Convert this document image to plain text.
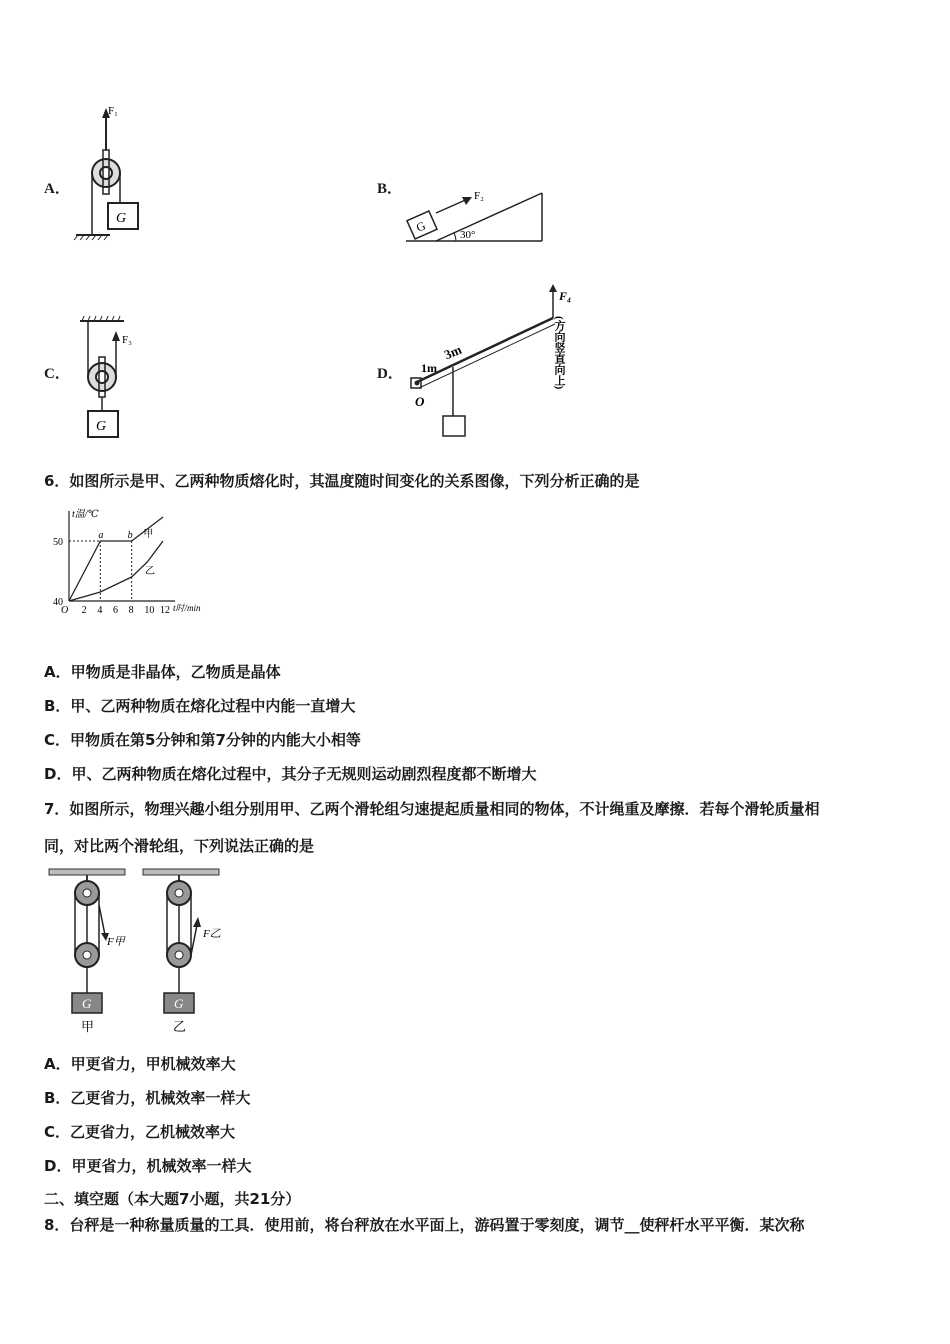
A．
F₁
G
B．
30°
G
F₂
C．
F₃
G
D．
O
3m
1m
F₄
(方向竖直向上)
6．如图所示是甲、乙两种物质熔化时，其温度随时间变化的关系图像，下列分析正确的是
t温/℃
t时/min
O 2 4 6 8 10 12
40
50
甲
a b
乙
A．甲物质是非晶体，乙物质是晶体
B．甲、乙两种物质在熔化过程中内能一直增大
C．甲物质在第5分钟和第7分钟的内能大小相等
D．甲、乙两种物质在熔化过程中，其分子无规则运动剧烈程度都不断增大
7．如图所示，物理兴趣小组分别用甲、乙两个滑轮组匀速提起质量相同的物体，不计绳重及摩擦．若每个滑轮质量相
同，对比两个滑轮组，下列说法正确的是
F甲
G
甲
F乙
G
乙
A．甲更省力，甲机械效率大
B．乙更省力，机械效率一样大
C．乙更省力，乙机械效率大
D．甲更省力，机械效率一样大
二、填空题（本大题7小题，共21分）
8．台秤是一种称量质量的工具．使用前，将台秤放在水平面上，游码置于零刻度，调节__使秤杆水平平衡．某次称
